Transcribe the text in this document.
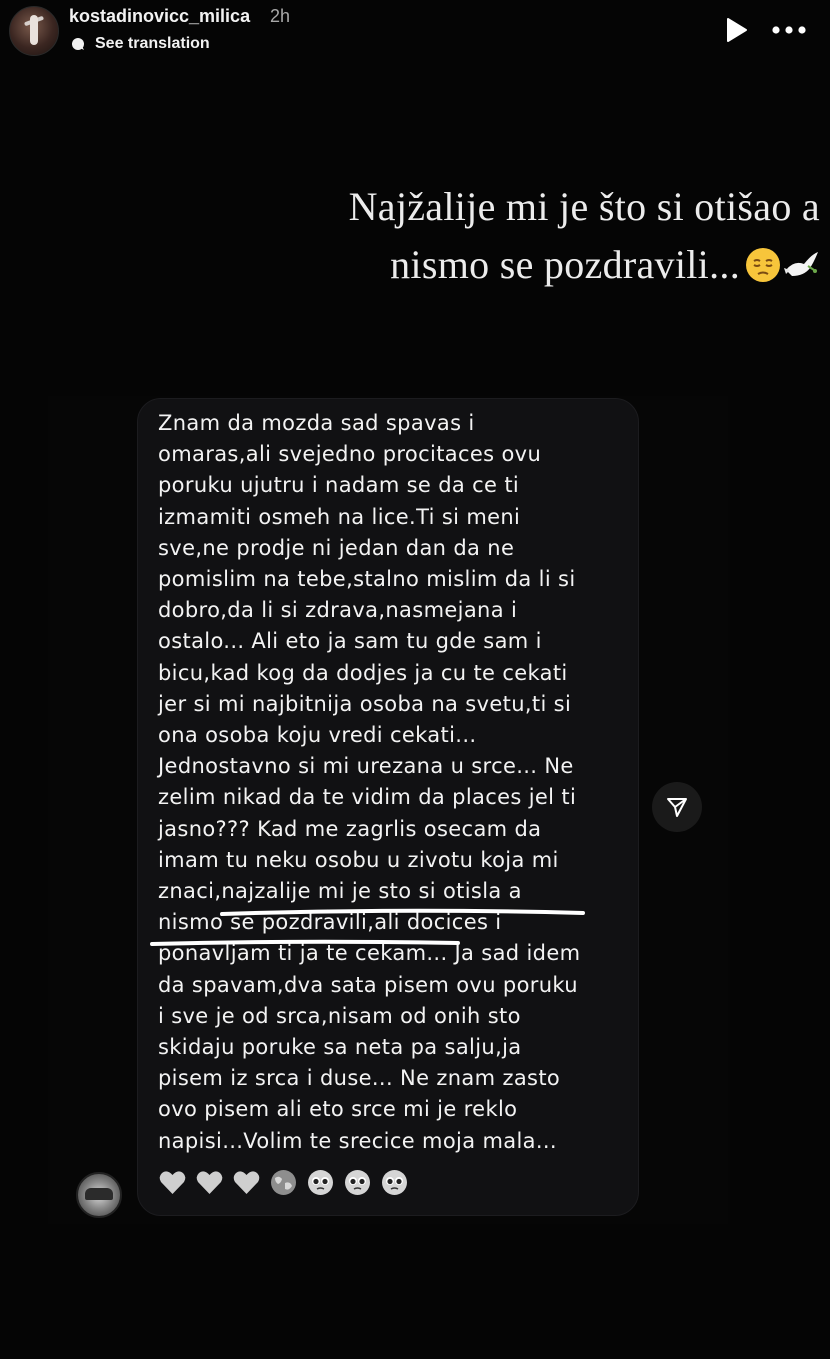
kostadinovicc_milica 2h
See translation
Najžalije mi je što si otišao a
nismo se pozdravili...
Znam da mozda sad spavas i
omaras,ali svejedno procitaces ovu
poruku ujutru i nadam se da ce ti
izmamiti osmeh na lice.Ti si meni
sve,ne prodje ni jedan dan da ne
pomislim na tebe,stalno mislim da li si
dobro,da li si zdrava,nasmejana i
ostalo... Ali eto ja sam tu gde sam i
bicu,kad kog da dodjes ja cu te cekati
jer si mi najbitnija osoba na svetu,ti si
ona osoba koju vredi cekati...
Jednostavno si mi urezana u srce... Ne
zelim nikad da te vidim da places jel ti
jasno??? Kad me zagrlis osecam da
imam tu neku osobu u zivotu koja mi
znaci,najzalije mi je sto si otisla a
nismo se pozdravili,ali docices i
ponavljam ti ja te cekam... Ja sad idem
da spavam,dva sata pisem ovu poruku
i sve je od srca,nisam od onih sto
skidaju poruke sa neta pa salju,ja
pisem iz srca i duse... Ne znam zasto
ovo pisem ali eto srce mi je reklo
napisi...Volim te srecice moja mala...
